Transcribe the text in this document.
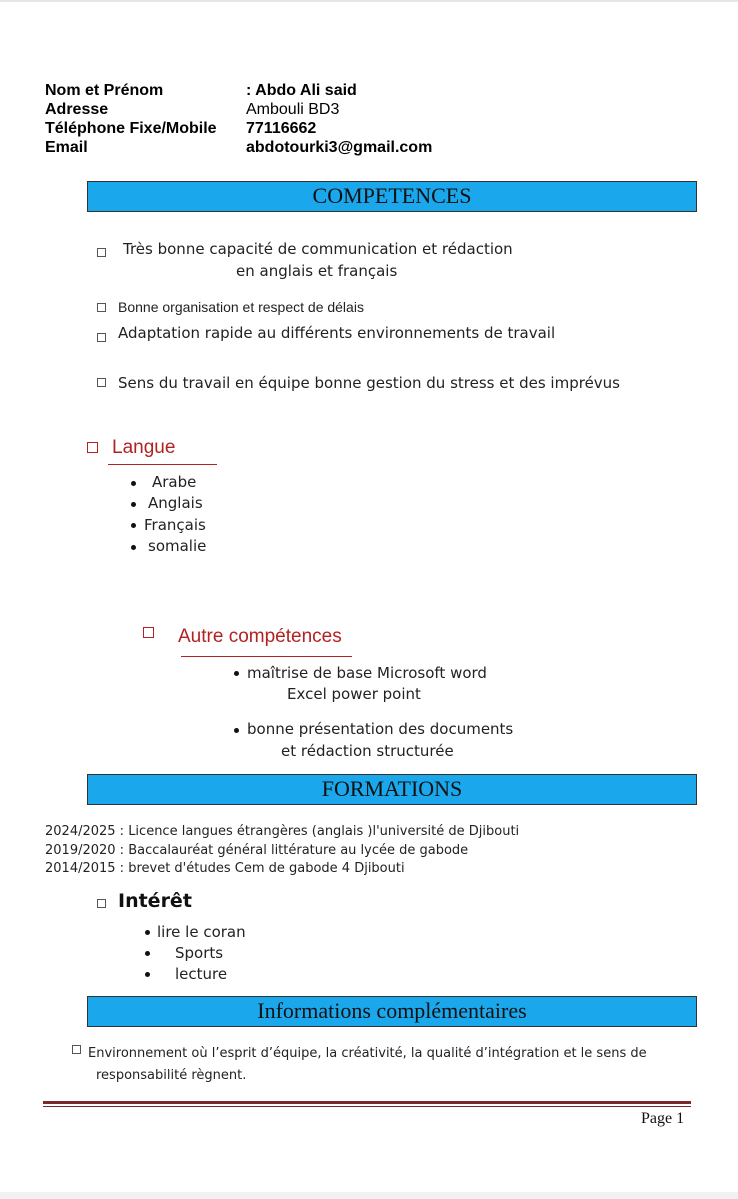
Nom et Prénom	: Abdo Ali said
Adresse	Ambouli BD3
Téléphone Fixe/Mobile 77116662
Email	abdotourki3@gmail.com
COMPETENCES
Très bonne capacité de communication et rédaction
en anglais et français
Bonne organisation et respect de délais
Adaptation rapide au différents environnements de travail
Sens du travail en équipe bonne gestion du stress et des imprévus
Langue
Arabe
Anglais
Français
somalie
Autre compétences
maîtrise de base Microsoft word
Excel power point
bonne présentation des documents
et rédaction structurée
FORMATIONS
2024/2025 : Licence langues étrangères (anglais )l'université de Djibouti
2019/2020 : Baccalauréat général littérature au lycée de gabode
2014/2015 : brevet d'études Cem de gabode 4 Djibouti
Intérêt
lire le coran
Sports
lecture
Informations complémentaires
Environnement où l’esprit d’équipe, la créativité, la qualité d’intégration et le sens de
responsabilité règnent.
Page 1
